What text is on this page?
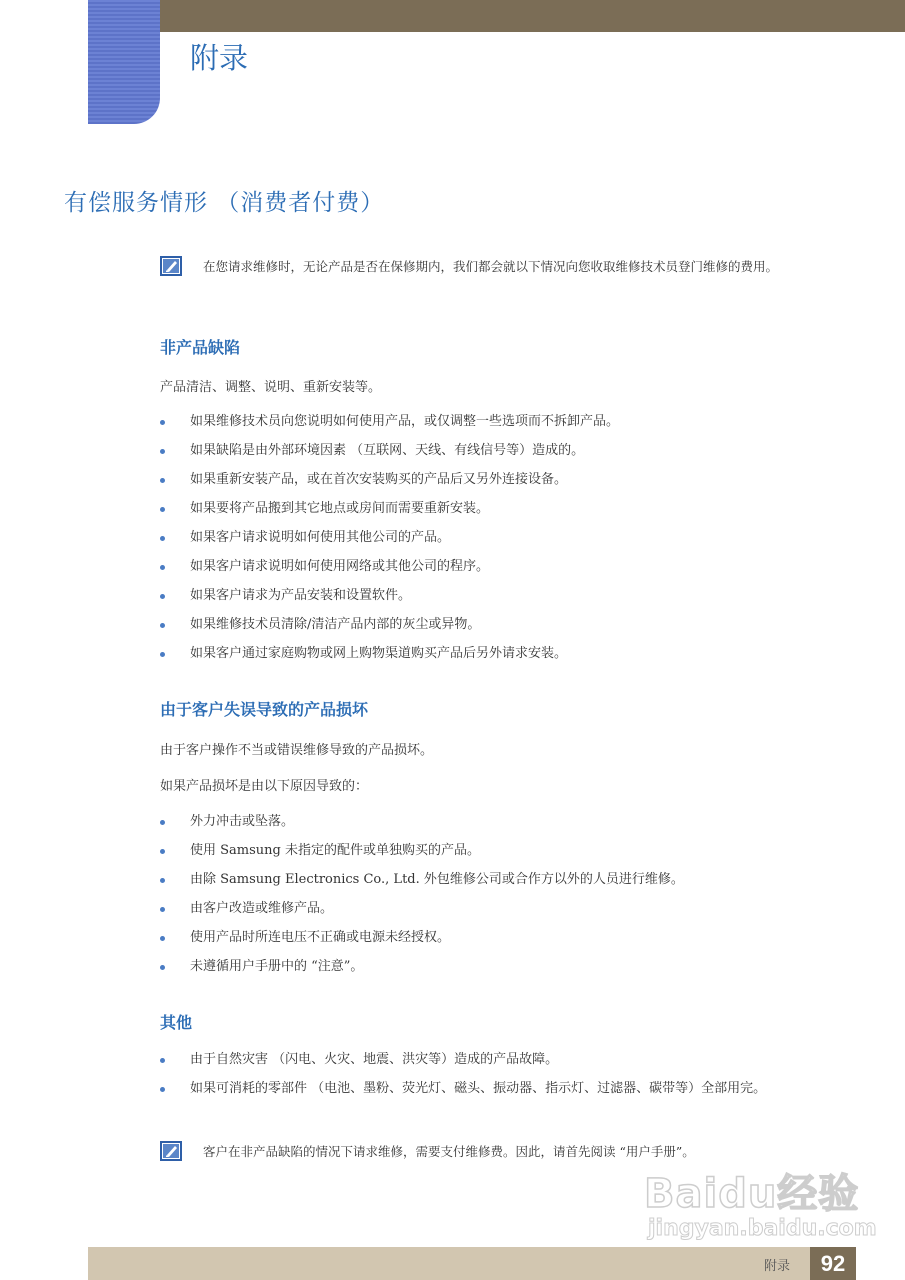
附录
有偿服务情形 （消费者付费）
在您请求维修时，无论产品是否在保修期内，我们都会就以下情况向您收取维修技术员登门维修的费用。
非产品缺陷

产品清洁、调整、说明、重新安装等。

如果维修技术员向您说明如何使用产品，或仅调整一些选项而不拆卸产品。
如果缺陷是由外部环境因素 （互联网、天线、有线信号等）造成的。
如果重新安装产品，或在首次安装购买的产品后又另外连接设备。
如果要将产品搬到其它地点或房间而需要重新安装。
如果客户请求说明如何使用其他公司的产品。
如果客户请求说明如何使用网络或其他公司的程序。
如果客户请求为产品安装和设置软件。
如果维修技术员清除/清洁产品内部的灰尘或异物。
如果客户通过家庭购物或网上购物渠道购买产品后另外请求安装。
由于客户失误导致的产品损坏

由于客户操作不当或错误维修导致的产品损坏。

如果产品损坏是由以下原因导致的：

外力冲击或坠落。
使用 Samsung 未指定的配件或单独购买的产品。
由除 Samsung Electronics Co., Ltd. 外包维修公司或合作方以外的人员进行维修。
由客户改造或维修产品。
使用产品时所连电压不正确或电源未经授权。
未遵循用户手册中的 “注意”。
其他
由于自然灾害 （闪电、火灾、地震、洪灾等）造成的产品故障。
如果可消耗的零部件 （电池、墨粉、荧光灯、磁头、振动器、指示灯、过滤器、碳带等）全部用完。
客户在非产品缺陷的情况下请求维修，需要支付维修费。因此，请首先阅读 “用户手册”。
Baidu经验
jingyan.baidu.com
附录	92
